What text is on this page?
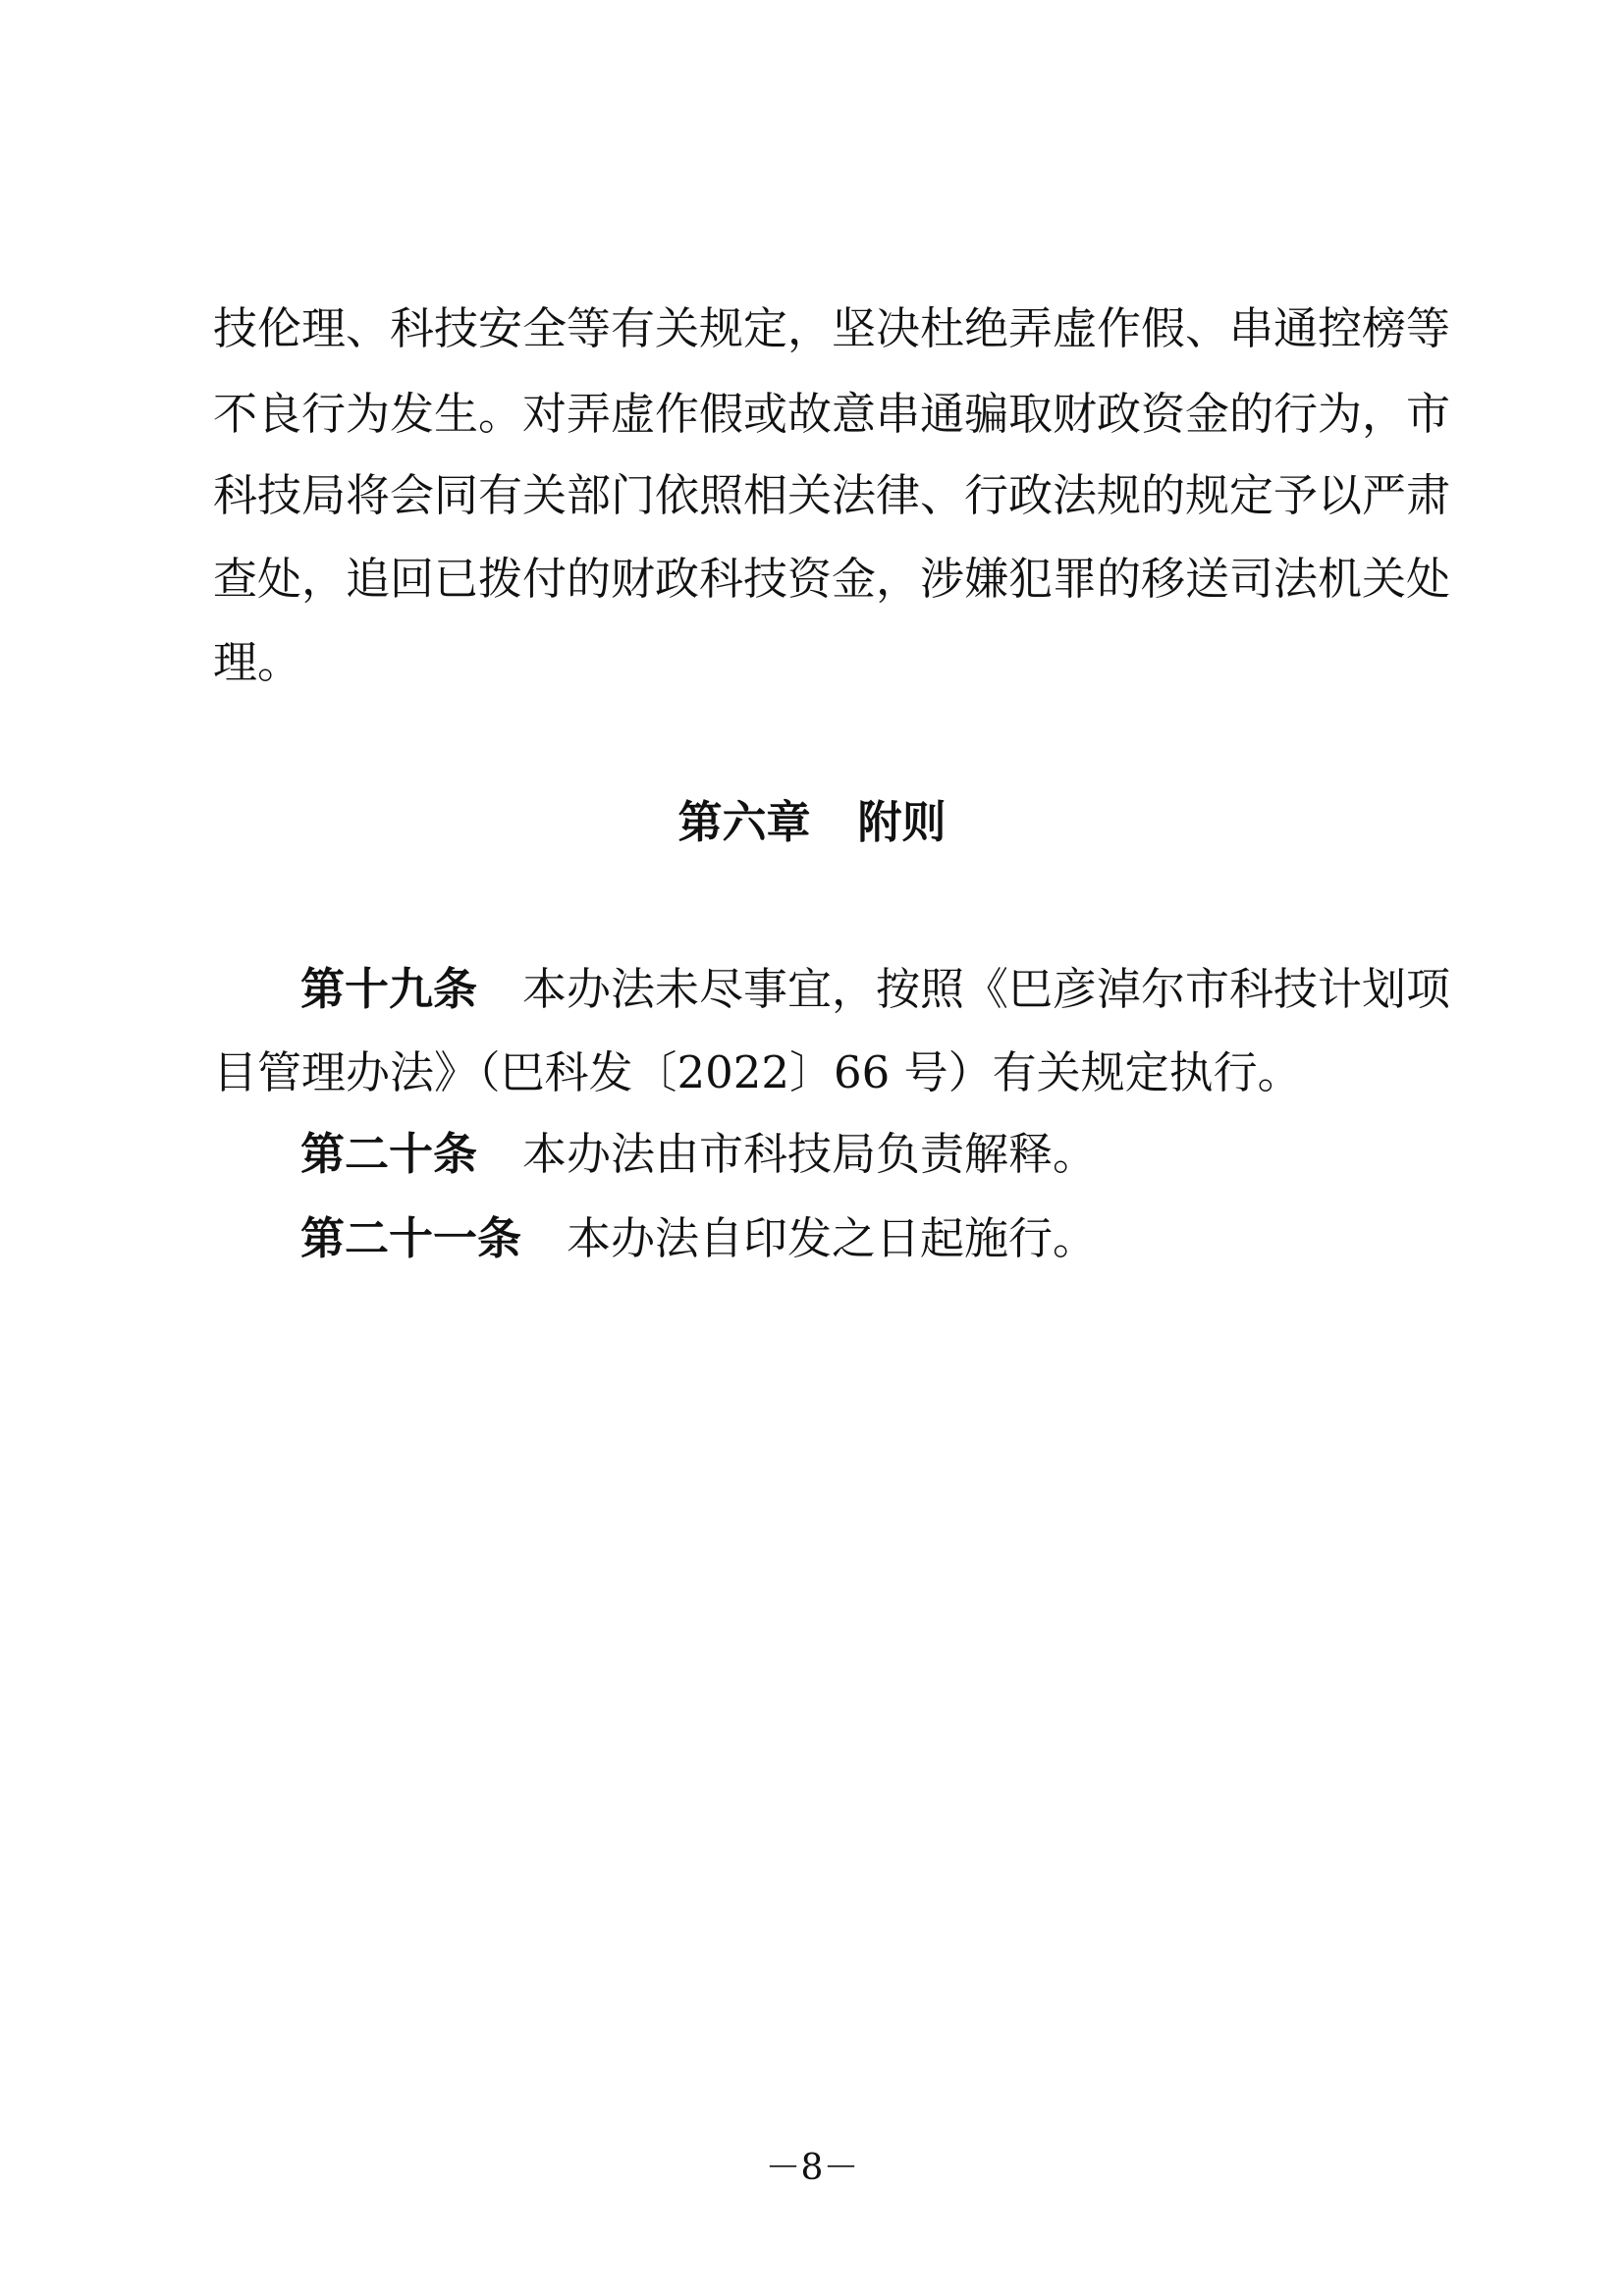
技伦理、科技安全等有关规定，坚决杜绝弄虚作假、串通控榜等
不良行为发生。对弄虚作假或故意串通骗取财政资金的行为，市
科技局将会同有关部门依照相关法律、行政法规的规定予以严肃
查处，追回已拨付的财政科技资金，涉嫌犯罪的移送司法机关处
理。
第六章 附则
第十九条 本办法未尽事宜，按照《巴彦淖尔市科技计划项
目管理办法》（巴科发〔2022〕66 号）有关规定执行。
第二十条 本办法由市科技局负责解释。
第二十一条 本办法自印发之日起施行。
－8－
